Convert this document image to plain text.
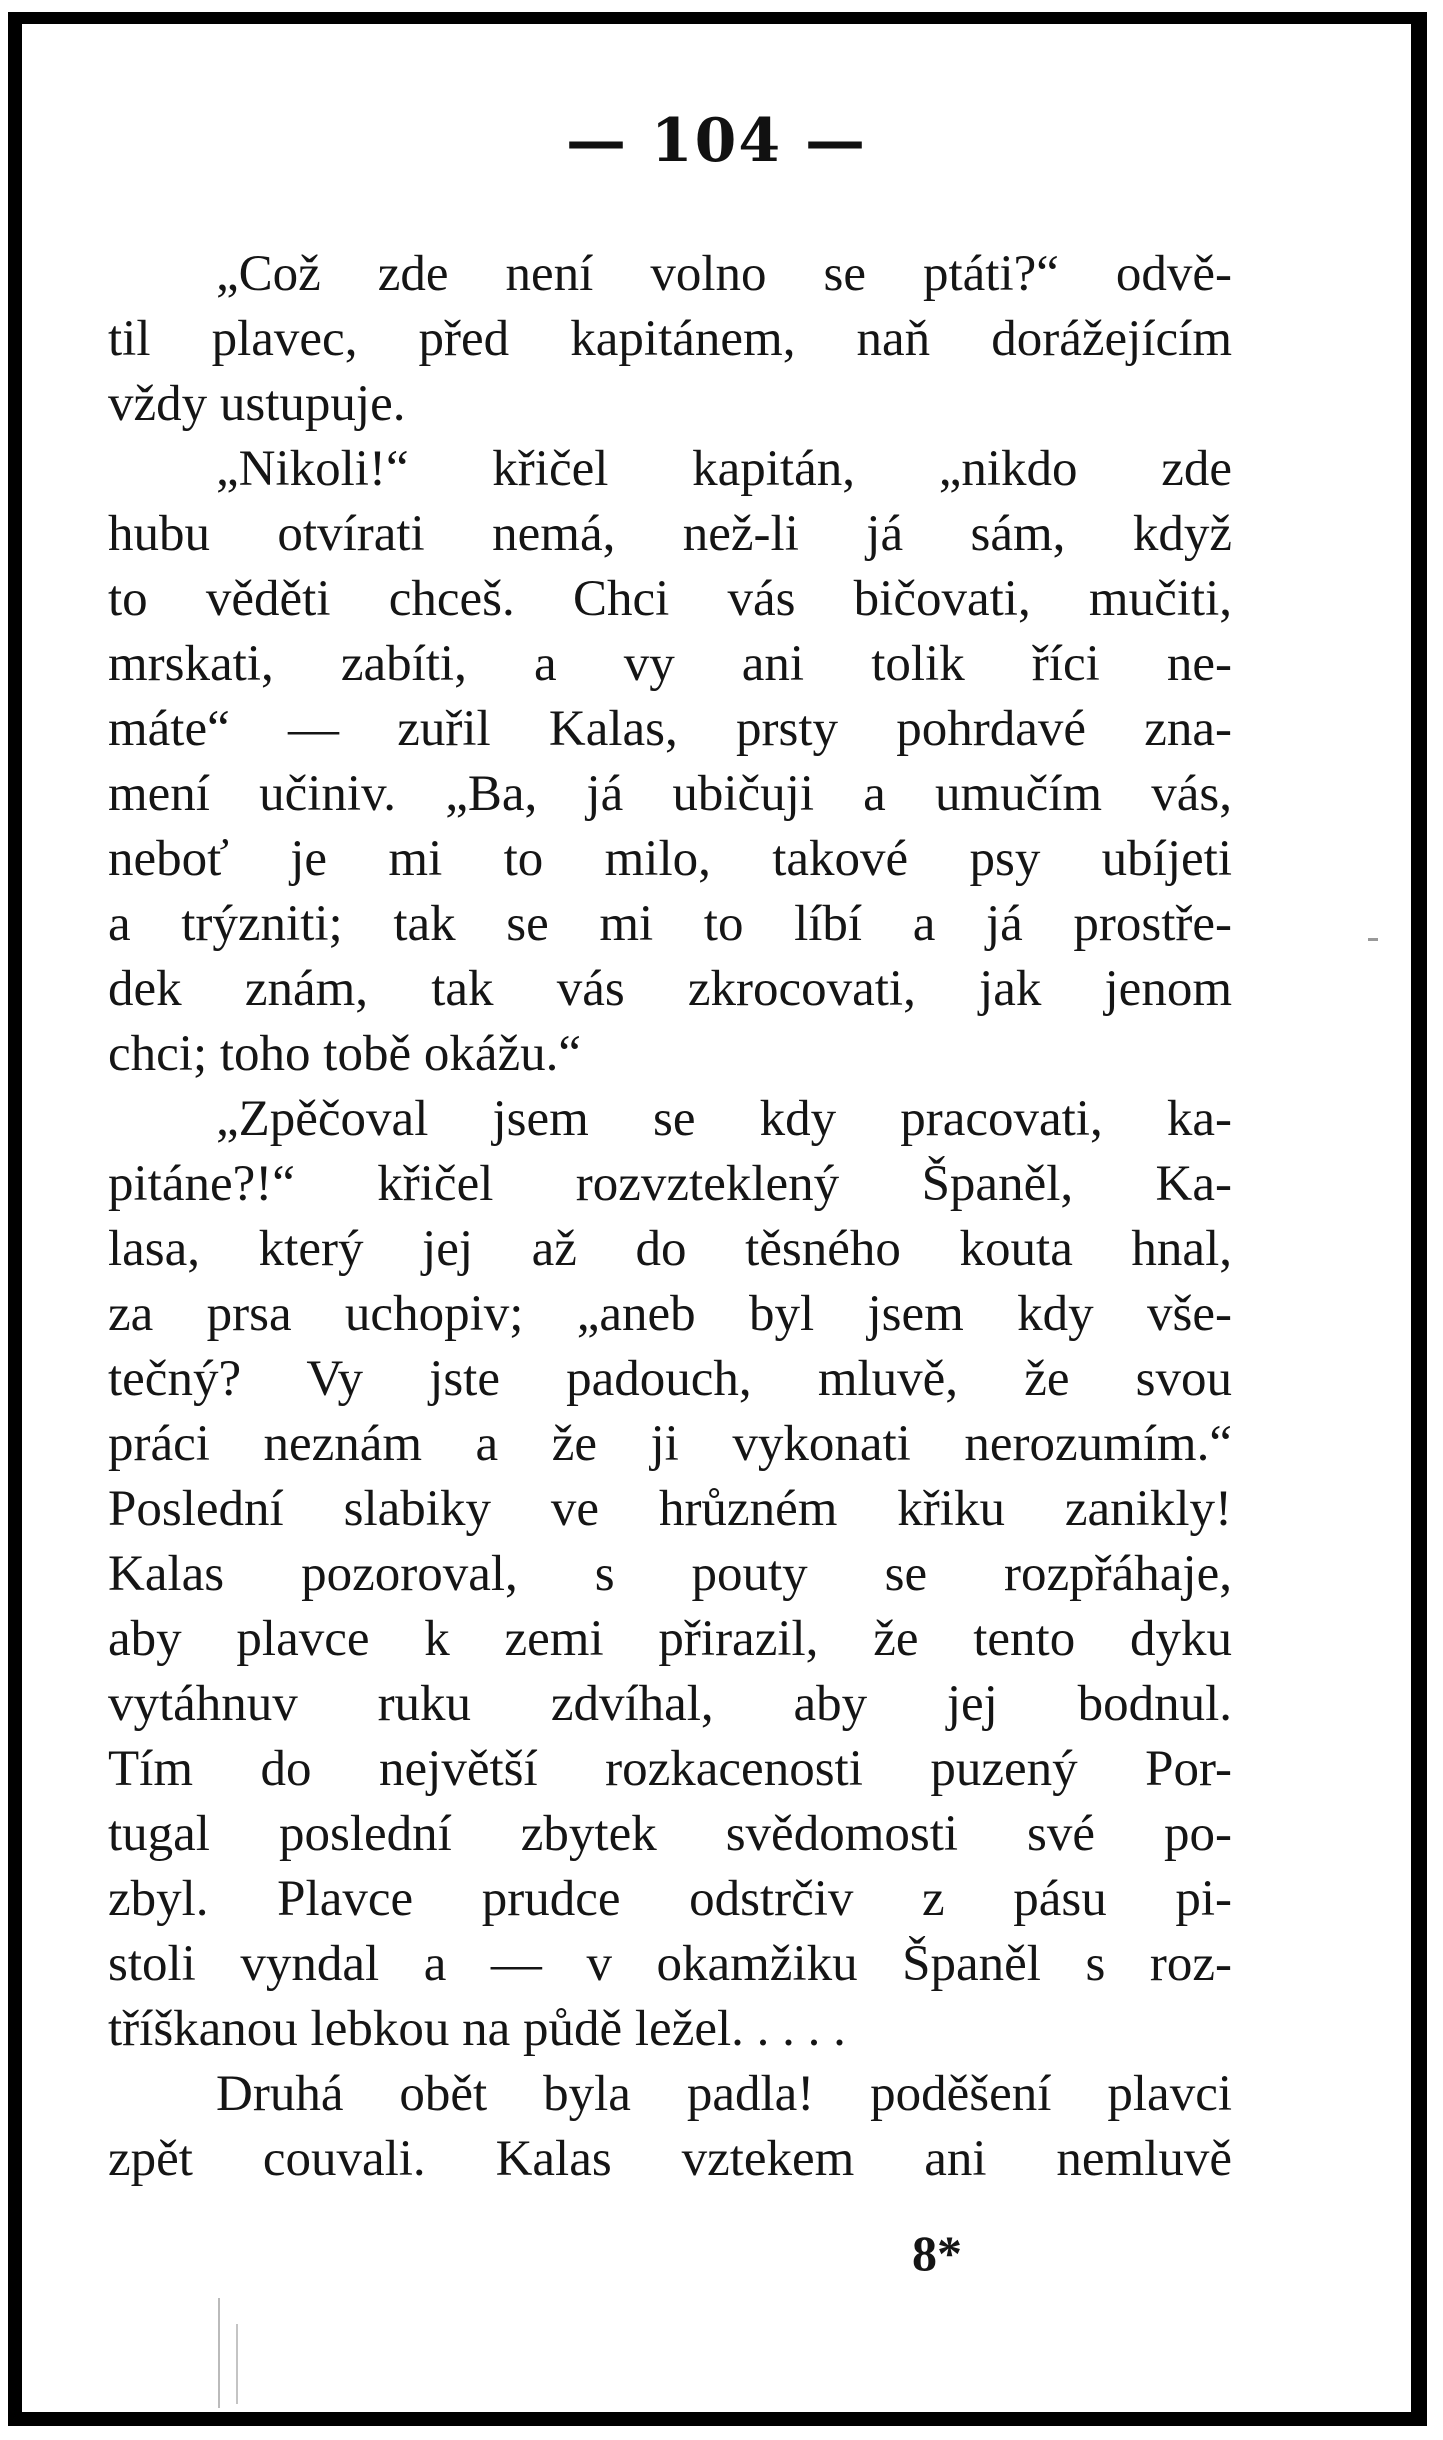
— 104 —
„Což zde není volno se ptáti?“ odvě-
til plavec, před kapitánem, naň dorážejícím
vždy ustupuje.
„Nikoli!“ křičel kapitán, „nikdo zde
hubu otvírati nemá, než-li já sám, když
to věděti chceš. Chci vás bičovati, mučiti,
mrskati, zabíti, a vy ani tolik říci ne-
máte“ — zuřil Kalas, prsty pohrdavé zna-
mení učiniv. „Ba, já ubičuji a umučím vás,
neboť je mi to milo, takové psy ubíjeti
a trýzniti; tak se mi to líbí a já prostře-
dek znám, tak vás zkrocovati, jak jenom
chci; toho tobě okážu.“
„Zpěčoval jsem se kdy pracovati, ka-
pitáne?!“ křičel rozvzteklený Španěl, Ka-
lasa, který jej až do těsného kouta hnal,
za prsa uchopiv; „aneb byl jsem kdy vše-
tečný? Vy jste padouch, mluvě, že svou
práci neznám a že ji vykonati nerozumím.“
Poslední slabiky ve hrůzném křiku zanikly!
Kalas pozoroval, s pouty se rozpřáhaje,
aby plavce k zemi přirazil, že tento dyku
vytáhnuv ruku zdvíhal, aby jej bodnul.
Tím do největší rozkacenosti puzený Por-
tugal poslední zbytek svědomosti své po-
zbyl. Plavce prudce odstrčiv z pásu pi-
stoli vyndal a — v okamžiku Španěl s roz-
tříškanou lebkou na půdě ležel. . . . .
Druhá obět byla padla! poděšení plavci
zpět couvali. Kalas vztekem ani nemluvě
8*
